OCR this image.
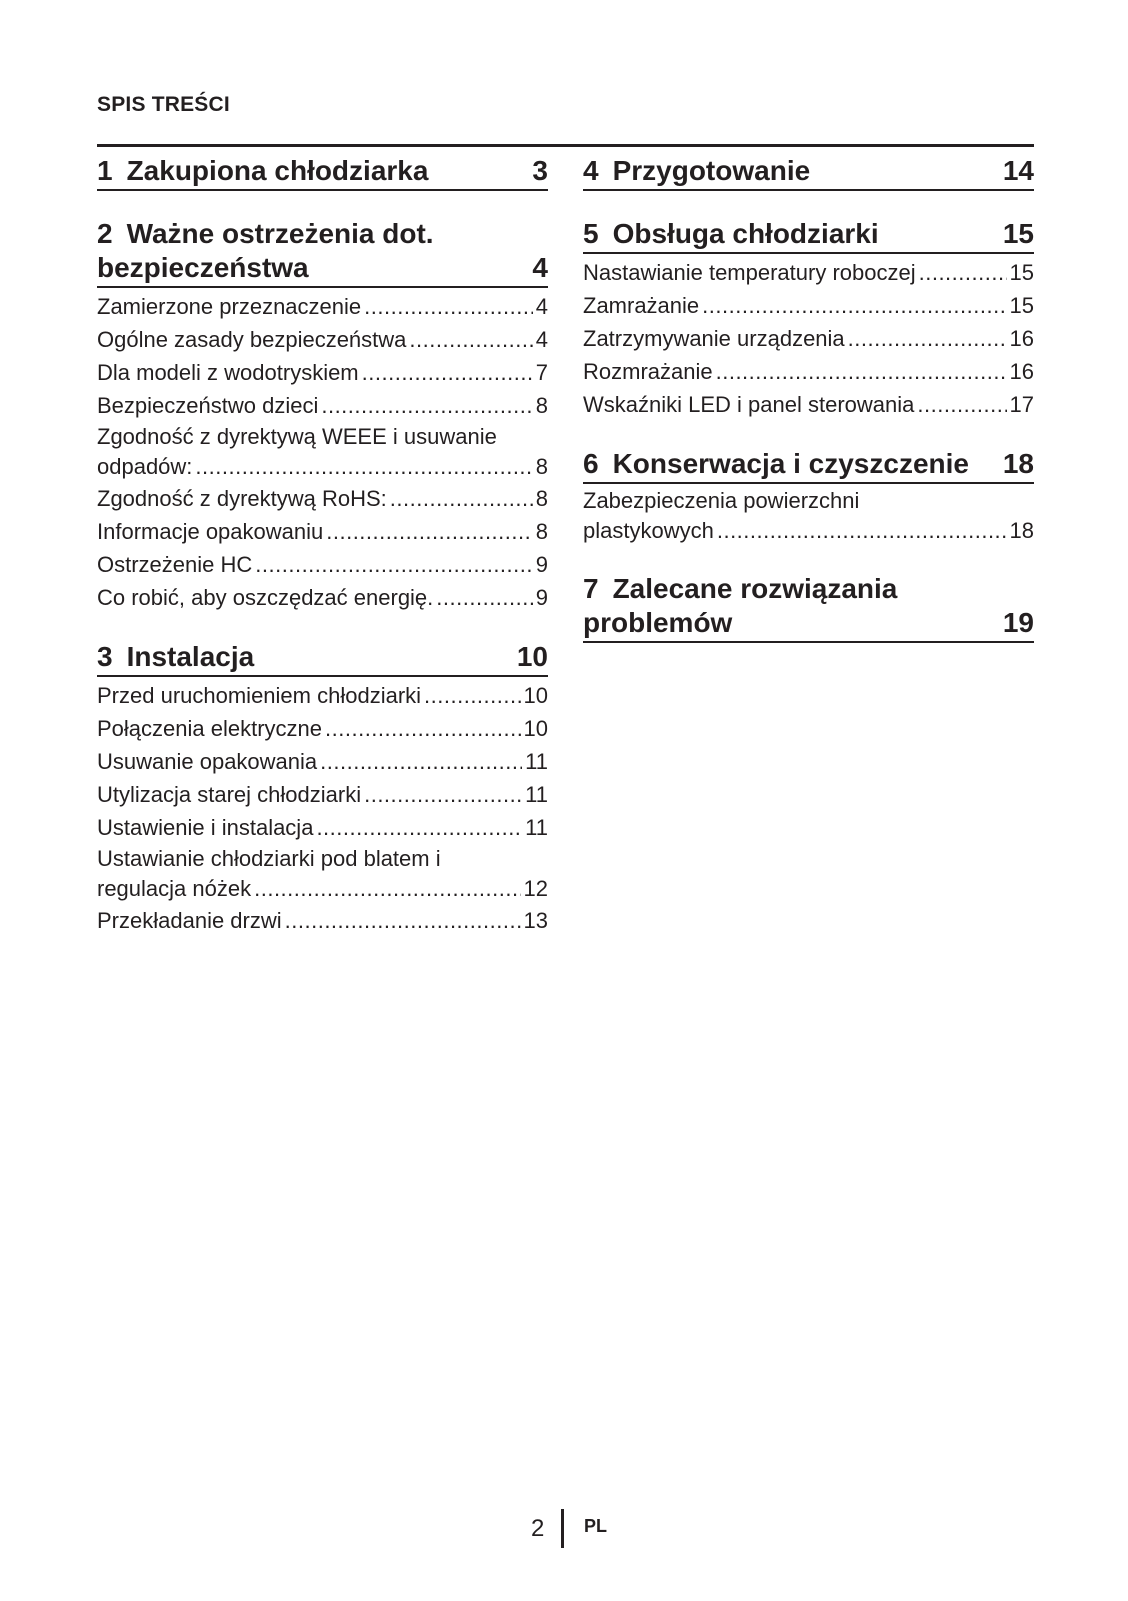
SPIS TREŚCI
1 Zakupiona chłodziarka	3
2 Ważne ostrzeżenia dot.
bezpieczeństwa	4
Zamierzone przeznaczenie .....	4
Ogólne zasady bezpieczeństwa .....	4
Dla modeli z wodotryskiem .....	7
Bezpieczeństwo dzieci .....	8
Zgodność z dyrektywą WEEE i usuwanie
odpadów: .....	8
Zgodność z dyrektywą RoHS: .....	8
Informacje opakowaniu .....	8
Ostrzeżenie HC .....	9
Co robić, aby oszczędzać energię. .....	9
3 Instalacja	10
Przed uruchomieniem chłodziarki .....	10
Połączenia elektryczne .....	10
Usuwanie opakowania .....	11
Utylizacja starej chłodziarki .....	11
Ustawienie i instalacja .....	11
Ustawianie chłodziarki pod blatem i
regulacja nóżek .....	12
Przekładanie drzwi .....	13
4 Przygotowanie	14
5 Obsługa chłodziarki	15
Nastawianie temperatury roboczej .....	15
Zamrażanie .....	15
Zatrzymywanie urządzenia .....	16
Rozmrażanie .....	16
Wskaźniki LED i panel sterowania .....	17
6 Konserwacja i czyszczenie	18
Zabezpieczenia powierzchni
plastykowych .....	18
7 Zalecane rozwiązania
problemów	19
2 PL
